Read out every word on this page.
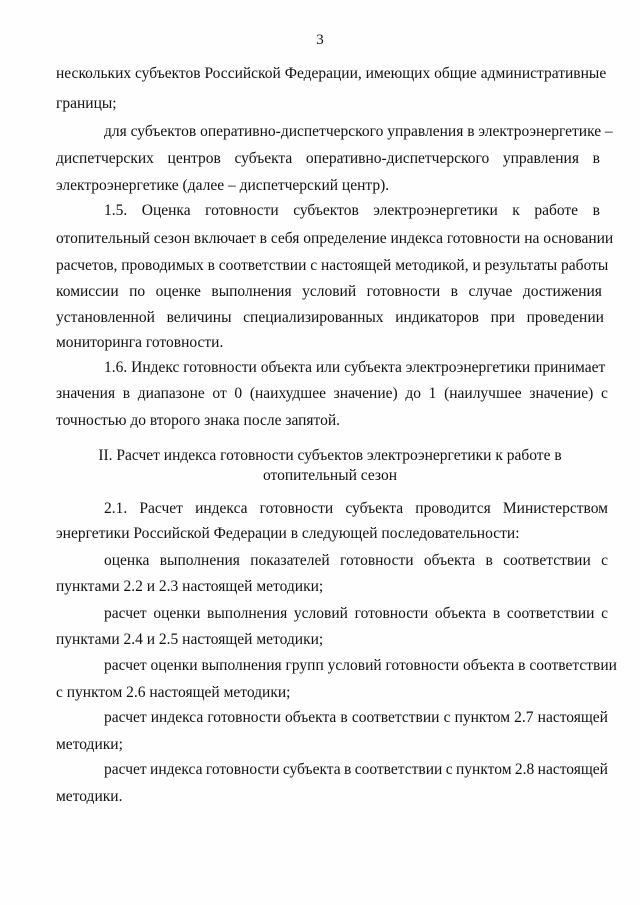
3
нескольких субъектов Российской Федерации, имеющих общие административные
границы;
для субъектов оперативно-диспетчерского управления в электроэнергетике –
диспетчерских центров субъекта оперативно-диспетчерского управления в
электроэнергетике (далее – диспетчерский центр).
1.5. Оценка готовности субъектов электроэнергетики к работе в
отопительный сезон включает в себя определение индекса готовности на основании
расчетов, проводимых в соответствии с настоящей методикой, и результаты работы
комиссии по оценке выполнения условий готовности в случае достижения
установленной величины специализированных индикаторов при проведении
мониторинга готовности.
1.6. Индекс готовности объекта или субъекта электроэнергетики принимает
значения в диапазоне от 0 (наихудшее значение) до 1 (наилучшее значение) с
точностью до второго знака после запятой.
II. Расчет индекса готовности субъектов электроэнергетики к работе в
отопительный сезон
2.1. Расчет индекса готовности субъекта проводится Министерством
энергетики Российской Федерации в следующей последовательности:
оценка выполнения показателей готовности объекта в соответствии с
пунктами 2.2 и 2.3 настоящей методики;
расчет оценки выполнения условий готовности объекта в соответствии с
пунктами 2.4 и 2.5 настоящей методики;
расчет оценки выполнения групп условий готовности объекта в соответствии
с пунктом 2.6 настоящей методики;
расчет индекса готовности объекта в соответствии с пунктом 2.7 настоящей
методики;
расчет индекса готовности субъекта в соответствии с пунктом 2.8 настоящей
методики.
